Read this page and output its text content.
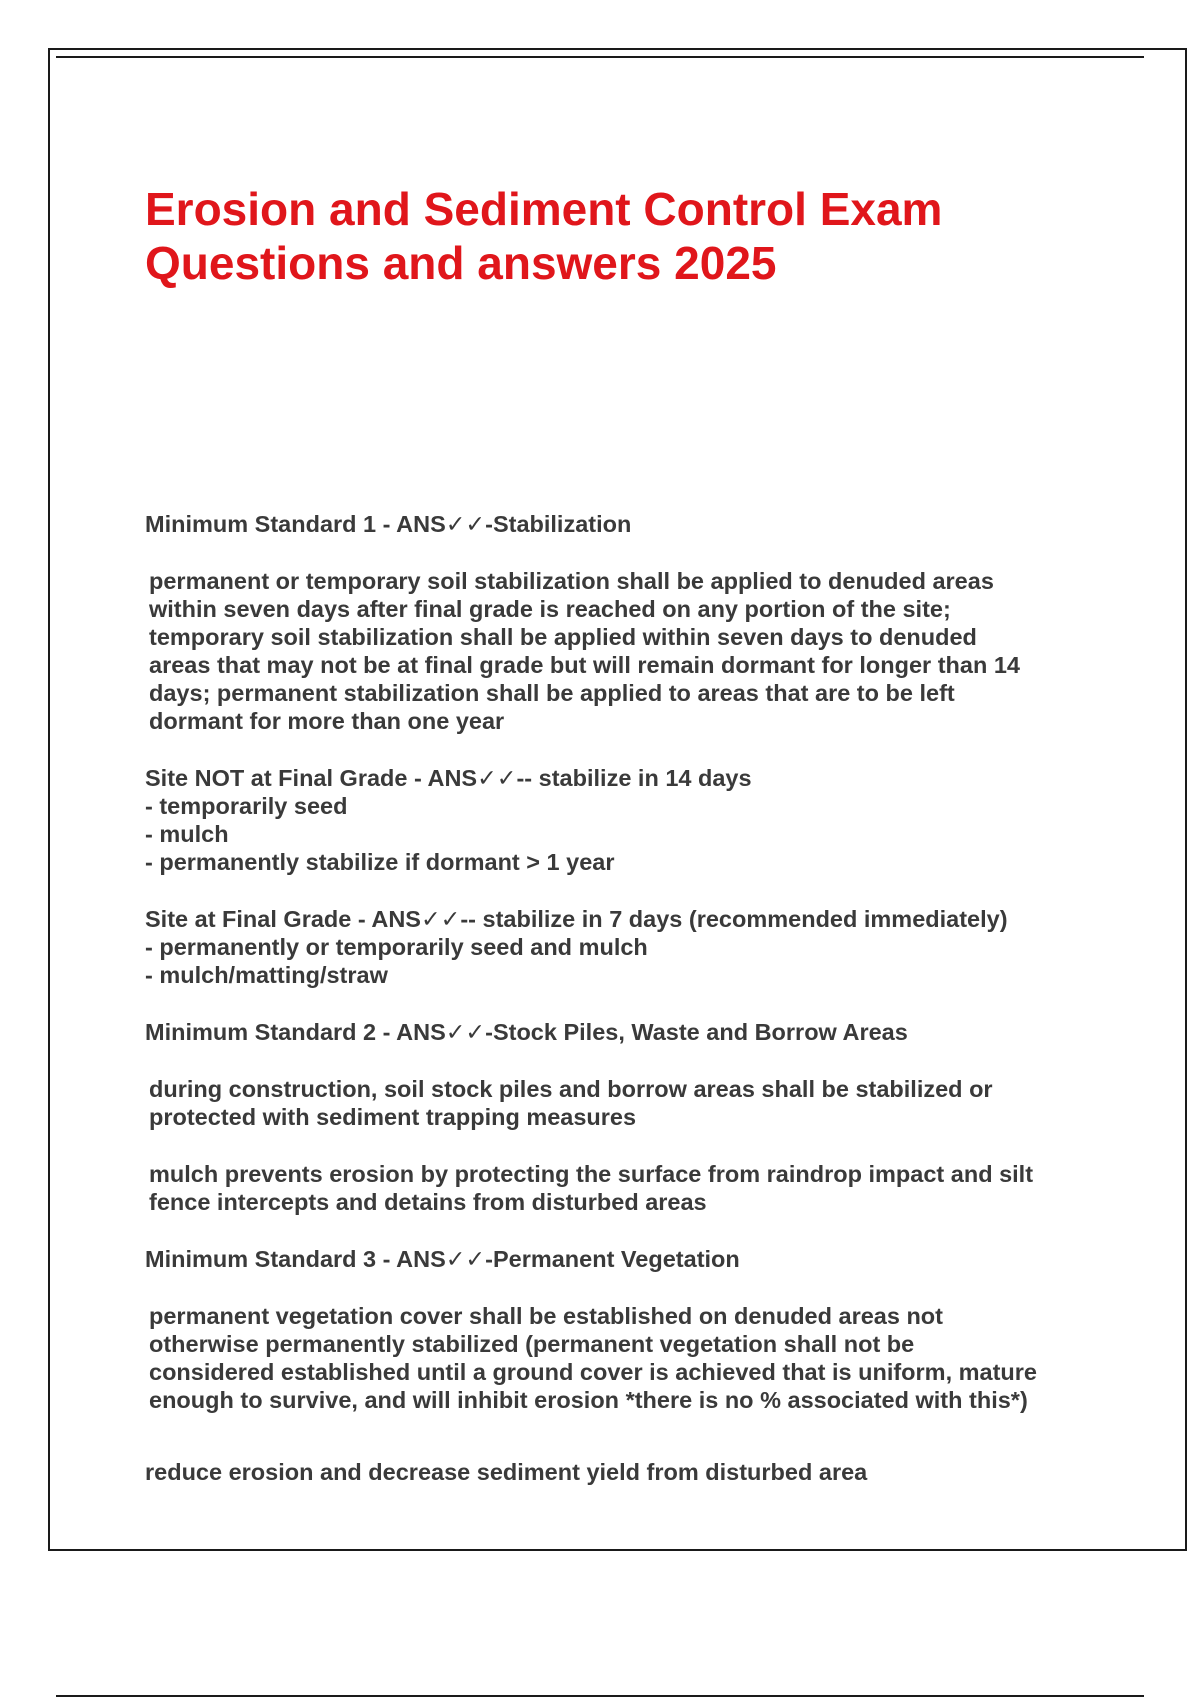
Erosion and Sediment Control Exam
Questions and answers 2025

Minimum Standard 1 - ANS✓✓-Stabilization

permanent or temporary soil stabilization shall be applied to denuded areas
within seven days after final grade is reached on any portion of the site;
temporary soil stabilization shall be applied within seven days to denuded
areas that may not be at final grade but will remain dormant for longer than 14
days; permanent stabilization shall be applied to areas that are to be left
dormant for more than one year

Site NOT at Final Grade - ANS✓✓-- stabilize in 14 days
- temporarily seed
- mulch
- permanently stabilize if dormant > 1 year
Site at Final Grade - ANS✓✓-- stabilize in 7 days (recommended immediately)
- permanently or temporarily seed and mulch
- mulch/matting/straw

Minimum Standard 2 - ANS✓✓-Stock Piles, Waste and Borrow Areas

during construction, soil stock piles and borrow areas shall be stabilized or
protected with sediment trapping measures

mulch prevents erosion by protecting the surface from raindrop impact and silt
fence intercepts and detains from disturbed areas

Minimum Standard 3 - ANS✓✓-Permanent Vegetation

permanent vegetation cover shall be established on denuded areas not
otherwise permanently stabilized (permanent vegetation shall not be
considered established until a ground cover is achieved that is uniform, mature
enough to survive, and will inhibit erosion *there is no % associated with this*)

reduce erosion and decrease sediment yield from disturbed area
